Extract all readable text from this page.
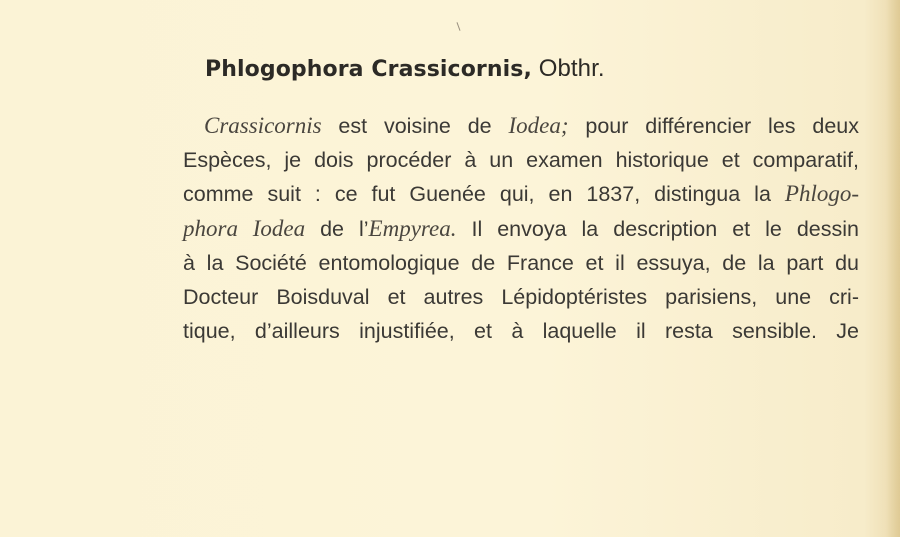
Phlogophora Crassicornis, Obthr.
Crassicornis est voisine de Iodea; pour différencier les deux
Espèces, je dois procéder à un examen historique et comparatif,
comme suit : ce fut Guenée qui, en 1837, distingua la Phlogo-
phora Iodea de l’Empyrea. Il envoya la description et le dessin
à la Société entomologique de France et il essuya, de la part du
Docteur Boisduval et autres Lépidoptéristes parisiens, une cri-
tique, d’ailleurs injustifiée, et à laquelle il resta sensible. Je
